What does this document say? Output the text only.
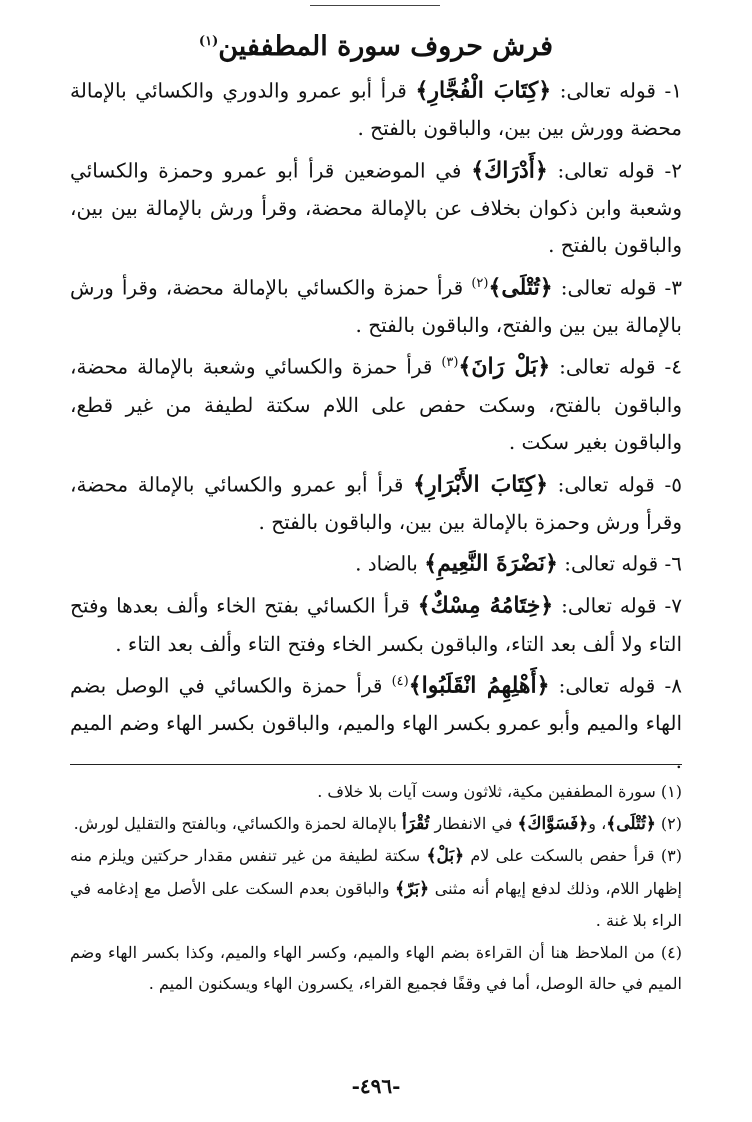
فرش حروف سورة المطففين$^{(١)}$

١- قوله تعالى: ﴿كِتَابَ الْفُجَّارِ﴾ قرأ أبو عمرو والدوري والكسائي بالإمالة محضة وورش بين بين، والباقون بالفتح .

٢- قوله تعالى: ﴿أَدْرَاكَ﴾ في الموضعين قرأ أبو عمرو وحمزة والكسائي وشعبة وابن ذكوان بخلاف عن بالإمالة محضة، وقرأ ورش بالإمالة بين بين، والباقون بالفتح .

٣- قوله تعالى: ﴿تُتْلَى﴾$^{(٢)}$ قرأ حمزة والكسائي بالإمالة محضة، وقرأ ورش بالإمالة بين بين والفتح، والباقون بالفتح .

٤- قوله تعالى: ﴿بَلْ رَانَ﴾$^{(٣)}$ قرأ حمزة والكسائي وشعبة بالإمالة محضة، والباقون بالفتح، وسكت حفص على اللام سكتة لطيفة من غير قطع، والباقون بغير سكت .

٥- قوله تعالى: ﴿كِتَابَ الأَبْرَارِ﴾ قرأ أبو عمرو والكسائي بالإمالة محضة، وقرأ ورش وحمزة بالإمالة بين بين، والباقون بالفتح .

٦- قوله تعالى: ﴿نَضْرَةَ النَّعِيمِ﴾ بالضاد .

٧- قوله تعالى: ﴿خِتَامُهُ مِسْكٌ﴾ قرأ الكسائي بفتح الخاء وألف بعدها وفتح التاء ولا ألف بعد التاء، والباقون بكسر الخاء وفتح التاء وألف بعد التاء .

٨- قوله تعالى: ﴿أَهْلِهِمُ انْقَلَبُوا﴾$^{(٤)}$ قرأ حمزة والكسائي في الوصل بضم الهاء والميم وأبو عمرو بكسر الهاء والميم، والباقون بكسر الهاء وضم الميم .

(١) سورة المطففين مكية، ثلاثون وست آيات بلا خلاف .

(٢) ﴿تُتْلَى﴾، و﴿فَسَوَّاكَ﴾ في الانفطار تُقْرَأ بالإمالة لحمزة والكسائي، وبالفتح والتقليل لورش.

(٣) قرأ حفص بالسكت على لام ﴿بَلْ﴾ سكتة لطيفة من غير تنفس مقدار حركتين ويلزم منه إظهار اللام، وذلك لدفع إيهام أنه مثنى ﴿بَرّ﴾ والباقون بعدم السكت على الأصل مع إدغامه في الراء بلا غنة .

(٤) من الملاحظ هنا أن القراءة بضم الهاء والميم، وكسر الهاء والميم، وكذا بكسر الهاء وضم الميم في حالة الوصل، أما في وقفًا فجميع القراء، يكسرون الهاء ويسكنون الميم .

-٤٩٦-
